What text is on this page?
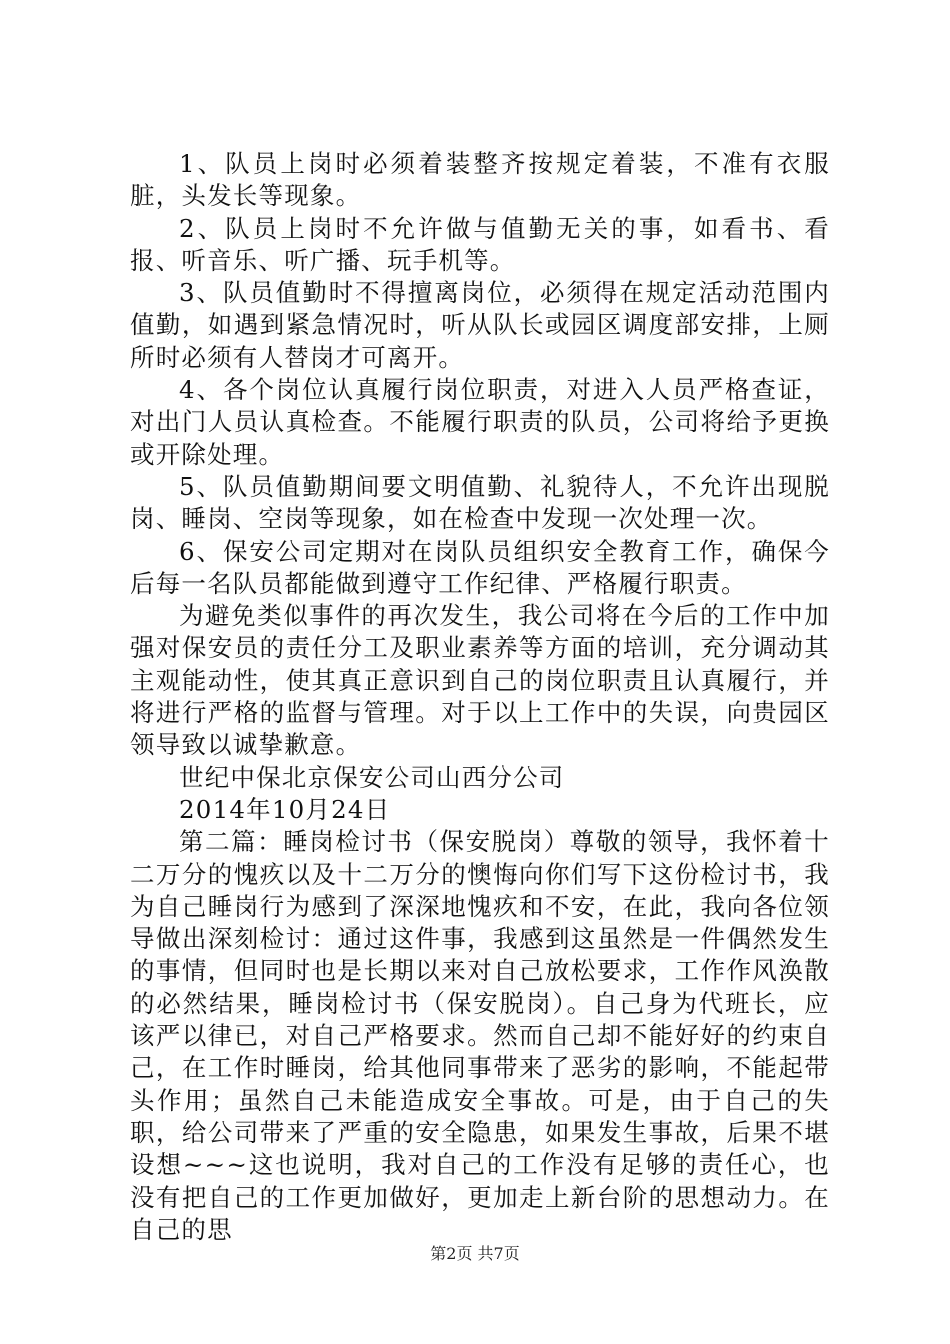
1、队员上岗时必须着装整齐按规定着装，不准有衣服脏，头发长等现象。

2、队员上岗时不允许做与值勤无关的事，如看书、看报、听音乐、听广播、玩手机等。

3、队员值勤时不得擅离岗位，必须得在规定活动范围内值勤，如遇到紧急情况时，听从队长或园区调度部安排，上厕所时必须有人替岗才可离开。

4、各个岗位认真履行岗位职责，对进入人员严格查证，对出门人员认真检查。不能履行职责的队员，公司将给予更换或开除处理。

5、队员值勤期间要文明值勤、礼貌待人，不允许出现脱岗、睡岗、空岗等现象，如在检查中发现一次处理一次。

6、保安公司定期对在岗队员组织安全教育工作，确保今后每一名队员都能做到遵守工作纪律、严格履行职责。

为避免类似事件的再次发生，我公司将在今后的工作中加强对保安员的责任分工及职业素养等方面的培训，充分调动其主观能动性，使其真正意识到自己的岗位职责且认真履行，并将进行严格的监督与管理。对于以上工作中的失误，向贵园区领导致以诚挚歉意。

世纪中保北京保安公司山西分公司

2014年10月24日

第二篇：睡岗检讨书（保安脱岗）尊敬的领导，我怀着十二万分的愧疚以及十二万分的懊悔向你们写下这份检讨书，我为自己睡岗行为感到了深深地愧疚和不安，在此，我向各位领导做出深刻检讨：通过这件事，我感到这虽然是一件偶然发生的事情，但同时也是长期以来对自己放松要求，工作作风涣散的必然结果，睡岗检讨书（保安脱岗）。自己身为代班长，应该严以律已，对自己严格要求。然而自己却不能好好的约束自己，在工作时睡岗，给其他同事带来了恶劣的影响，不能起带头作用；虽然自己未能造成安全事故。可是，由于自己的失职，给公司带来了严重的安全隐患，如果发生事故，后果不堪设想~~~这也说明，我对自己的工作没有足够的责任心，也没有把自己的工作更加做好，更加走上新台阶的思想动力。在自己的思

第2页 共7页
